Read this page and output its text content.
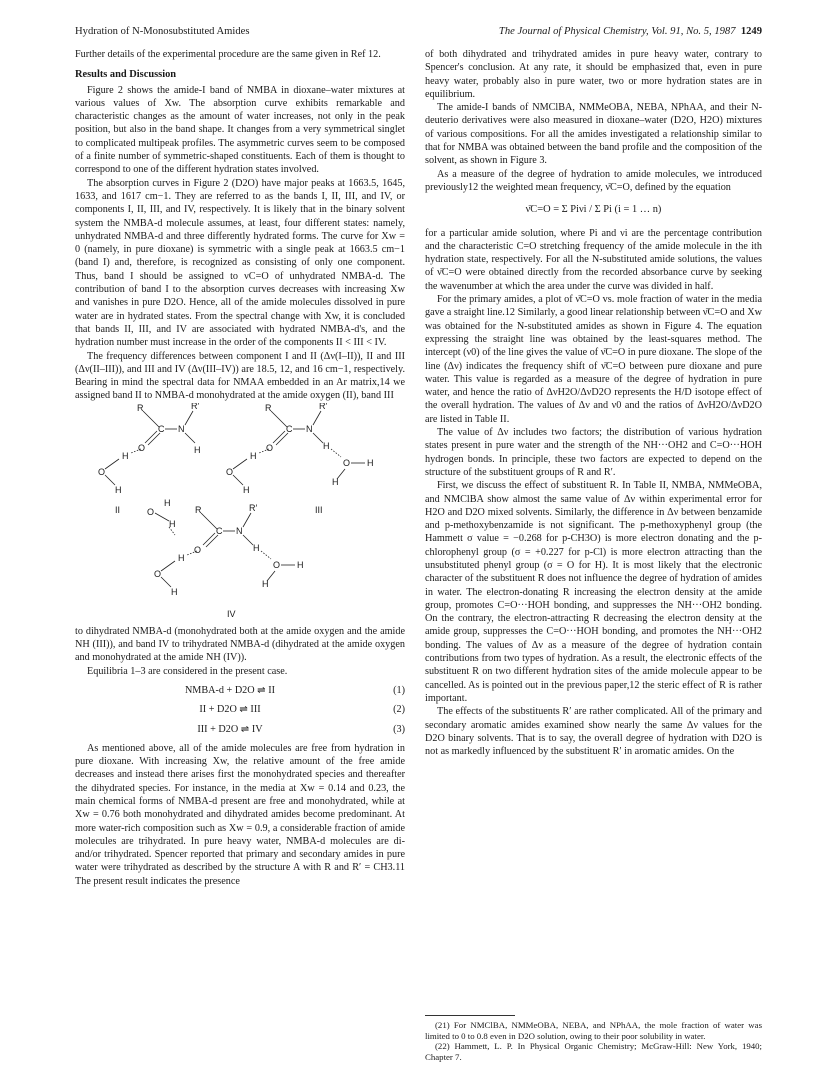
Hydration of N-Monosubstituted Amides	The Journal of Physical Chemistry, Vol. 91, No. 5, 1987 1249

Further details of the experimental procedure are the same given in Ref 12.

Results and Discussion

Figure 2 shows the amide-I band of NMBA in dioxane–water mixtures at various values of Xw. The absorption curve exhibits remarkable and characteristic changes as the amount of water increases, not only in the peak position, but also in the band shape. It changes from a very symmetrical singlet to complicated multipeak profiles. The asymmetric curves seem to be composed of a finite number of symmetric-shaped constituents. Each of them is thought to correspond to one of the different hydration states involved.

The absorption curves in Figure 2 (D2O) have major peaks at 1663.5, 1645, 1633, and 1617 cm−1. They are referred to as the bands I, II, III, and IV, or components I, II, III, and IV, respectively. It is likely that in the binary solvent system the NMBA-d molecule assumes, at least, four different states: namely, unhydrated NMBA-d and three differently hydrated forms. The curve for Xw = 0 (namely, in pure dioxane) is symmetric with a single peak at 1663.5 cm−1 (band I) and, therefore, is recognized as consisting of only one component. Thus, band I should be assigned to νC=O of unhydrated NMBA-d. The contribution of band I to the absorption curves decreases with increasing Xw and vanishes in pure D2O. Hence, all of the amide molecules dissolved in pure water are in hydrated states. From the spectral change with Xw, it is concluded that bands II, III, and IV are associated with hydrated NMBA-d's, and the hydration number must increase in the order of the components II < III < IV.

The frequency differences between component I and II (Δν(I–II)), II and III (Δν(II–III)), and III and IV (Δν(III–IV)) are 18.5, 12, and 16 cm−1, respectively. Bearing in mind the spectral data for NMAA embedded in an Ar matrix,14 we assigned band II to NMBA-d monohydrated at the amide oxygen (II), band III

R
C N
R′
H
O
H
O
H
II
R
C N
R′
H
O
H
O
H
O H
H
III
H
O
H
R
C N
R′
H
O
H
O
H
O H
H
IV

to dihydrated NMBA-d (monohydrated both at the amide oxygen and the amide NH (III)), and band IV to trihydrated NMBA-d (dihydrated at the amide oxygen and monohydrated at the amide NH (IV)).

Equilibria 1–3 are considered in the present case.

NMBA-d + D2O ⇌ II	(1)
II + D2O ⇌ III	(2)
III + D2O ⇌ IV	(3)

As mentioned above, all of the amide molecules are free from hydration in pure dioxane. With increasing Xw, the relative amount of the free amide decreases and instead there arises first the monohydrated species and thereafter the dihydrated species. For instance, in the media at Xw = 0.14 and 0.23, the main chemical forms of NMBA-d present are free and monohydrated, while at Xw = 0.76 both monohydrated and dihydrated amides become predominant. At more water-rich composition such as Xw = 0.9, a considerable fraction of amide molecules are trihydrated. In pure heavy water, NMBA-d molecules are di- and/or trihydrated. Spencer reported that primary and secondary amides in pure water were trihydrated as described by the structure A with R and R′ = CH3.11 The present result indicates the presence

of both dihydrated and trihydrated amides in pure heavy water, contrary to Spencer's conclusion. At any rate, it should be emphasized that, even in pure heavy water, probably also in pure water, two or more hydration states are in equilibrium.

The amide-I bands of NMClBA, NMMeOBA, NEBA, NPhAA, and their N-deuterio derivatives were also measured in dioxane–water (D2O, H2O) mixtures of various compositions. For all the amides investigated a relationship similar to that for NMBA was obtained between the band profile and the composition of the solvent, as shown in Figure 3.

As a measure of the degree of hydration to amide molecules, we introduced previously12 the weighted mean frequency, ν̄C=O, defined by the equation

ν̄C=O = Σ Piνi / Σ Pi (i = 1 … n)

for a particular amide solution, where Pi and νi are the percentage contribution and the characteristic C=O stretching frequency of the amide molecule in the ith hydration state, respectively. For all the N-substituted amide solutions, the values of ν̄C=O were obtained directly from the recorded absorbance curve by seeking the wavenumber at which the area under the curve was divided in half.

For the primary amides, a plot of ν̄C=O vs. mole fraction of water in the media gave a straight line.12 Similarly, a good linear relationship between ν̄C=O and Xw was obtained for the N-substituted amides as shown in Figure 4. The equation expressing the straight line was obtained by the least-squares method. The intercept (ν0) of the line gives the value of ν̄C=O in pure dioxane. The slope of the line (Δν) indicates the frequency shift of ν̄C=O between pure dioxane and pure water. This value is regarded as a measure of the degree of hydration in pure water, and hence the ratio of ΔνH2O/ΔνD2O represents the H/D isotope effect of the overall hydration. The values of Δν and ν0 and the ratios of ΔνH2O/ΔνD2O are listed in Table II.

The value of Δν includes two factors; the distribution of various hydration states present in pure water and the strength of the NH···OH2 and C=O···HOH hydrogen bonds. In principle, these two factors are expected to depend on the structure of the substituent groups of R and R′.

First, we discuss the effect of substituent R. In Table II, NMBA, NMMeOBA, and NMClBA show almost the same value of Δν within experimental error for H2O and D2O mixed solvents. Similarly, the difference in Δν between benzamide and p-methoxybenzamide is not significant. The p-methoxyphenyl group (the Hammett σ value = −0.268 for p-CH3O) is more electron donating and the p-chlorophenyl group (σ = +0.227 for p-Cl) is more electron attracting than the unsubstituted phenyl group (σ = O for H). It is most likely that the electronic character of the substituent R does not influence the degree of hydration of amides in water. The electron-donating R increasing the electron density at the amide group, promotes C=O···HOH bonding, and suppresses the NH···OH2 bonding. On the contrary, the electron-attracting R decreasing the electron density at the amide group, suppresses the C=O···HOH bonding, and promotes the NH···OH2 bonding. The values of Δν as a measure of the degree of hydration contain contributions from two types of hydration. As a result, the electronic effects of the substituent R on two different hydration sites of the amide molecule appear to be cancelled. As is pointed out in the previous paper,12 the steric effect of R is rather important.

The effects of the substituents R′ are rather complicated. All of the primary and secondary aromatic amides examined show nearly the same Δν values for the D2O binary solvents. That is to say, the overall degree of hydration with D2O is not as markedly influenced by the substituent R′ in aromatic amides. On the

(21) For NMClBA, NMMeOBA, NEBA, and NPhAA, the mole fraction of water was limited to 0 to 0.8 even in D2O solution, owing to their poor solubility in water.

(22) Hammett, L. P. In Physical Organic Chemistry; McGraw-Hill: New York, 1940; Chapter 7.
